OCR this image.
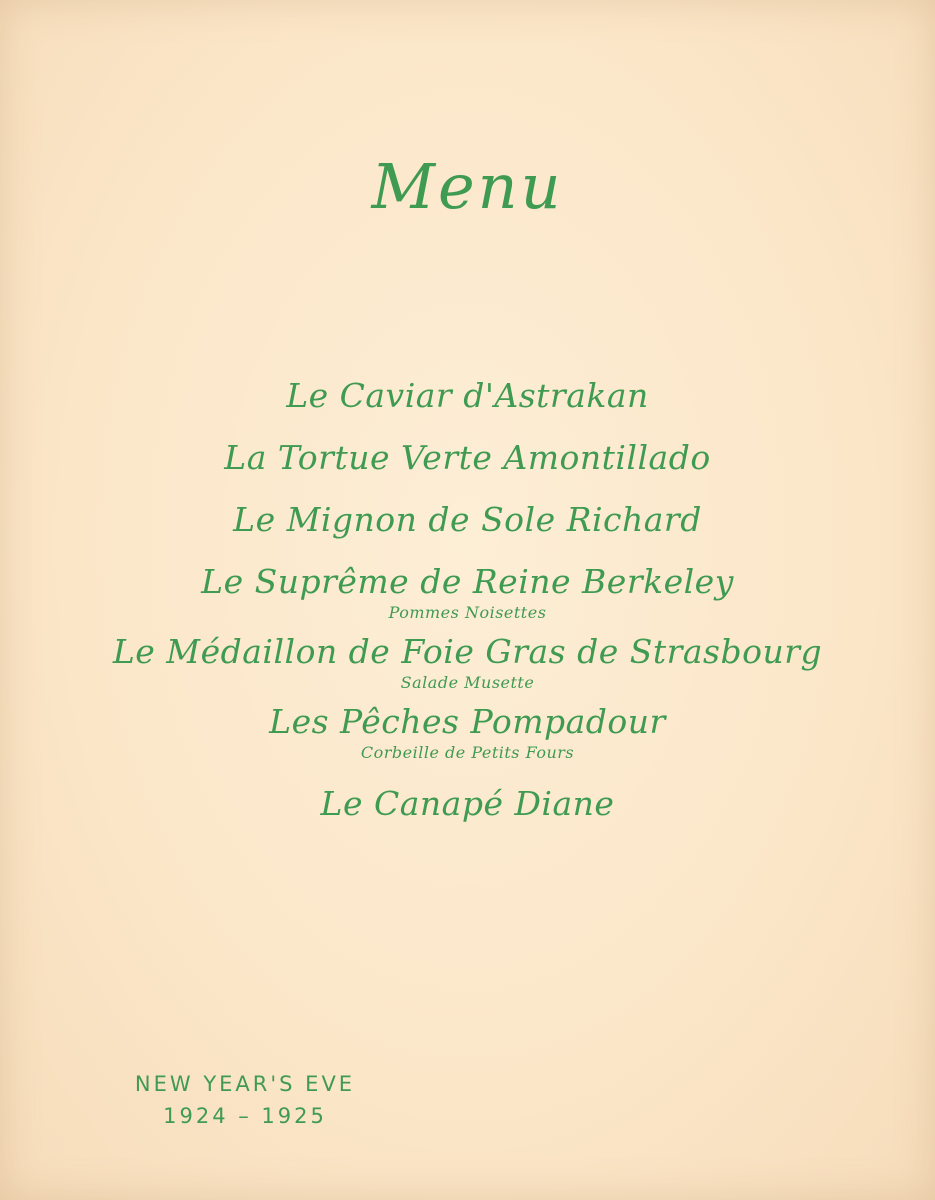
Menu
Le Caviar d'Astrakan
La Tortue Verte Amontillado
Le Mignon de Sole Richard
Le Suprême de Reine Berkeley
Pommes Noisettes
Le Médaillon de Foie Gras de Strasbourg
Salade Musette
Les Pêches Pompadour
Corbeille de Petits Fours
Le Canapé Diane
NEW YEAR'S EVE
1924 – 1925
